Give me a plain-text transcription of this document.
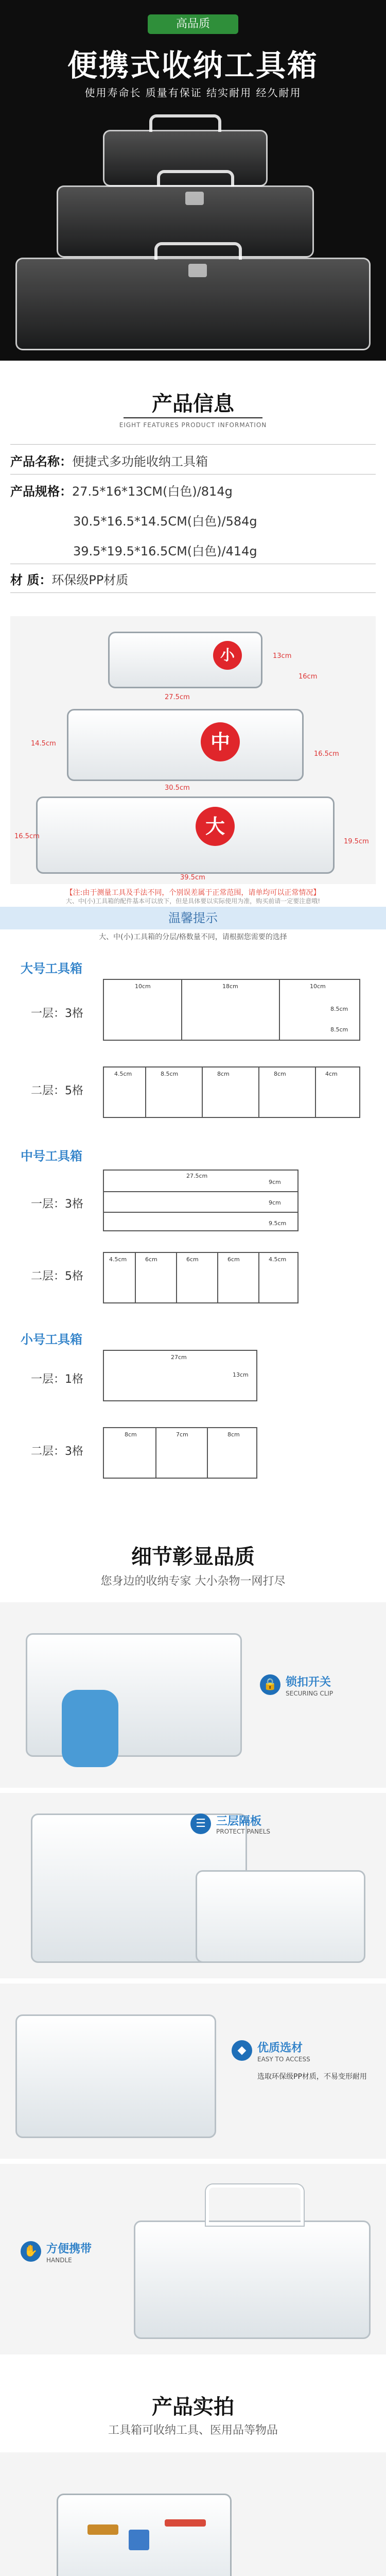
高品质
便携式收纳工具箱
使用寿命长 质量有保证 结实耐用 经久耐用
产品信息
EIGHT FEATURES PRODUCT INFORMATION
产品名称：便捷式多功能收纳工具箱
产品规格：27.5*16*13CM(白色)/814g
30.5*16.5*14.5CM(白色)/584g
39.5*19.5*16.5CM(白色)/414g
材 质：环保级PP材质
小
27.5cm
13cm
16cm
中
30.5cm
14.5cm
16.5cm
大
39.5cm
16.5cm
19.5cm
【注:由于测量工具及手法不同，个别误差属于正常范围，请单均可以正常情况】
大、中(小)工具箱的配件基本可以放下，但是具体要以实际使用为准，购买前请一定要注意哦!
温馨提示
大、中(小)工具箱的分层/格数量不同，请根据您需要的选择
大号工具箱
一层：3格
10cm	18cm	10cm
8.5cm
8.5cm
二层：5格
4.5cm	8.5cm	8cm	8cm	4cm
中号工具箱
一层：3格
27.5cm
9cm
9cm
9.5cm
二层：5格
4.5cm	6cm	6cm	6cm	4.5cm
小号工具箱
一层：1格
27cm
13cm
二层：3格
8cm	7cm	8cm
细节彰显品质
您身边的收纳专家 大小杂物一网打尽
🔒 锁扣开关
SECURING CLIP
☰ 三层隔板
PROTECT PANELS
◆ 优质选材
EASY TO ACCESS
选取环保级PP材质，不易变形耐用
✋ 方便携带
HANDLE
产品实拍
工具箱可收纳工具、医用品等物品
